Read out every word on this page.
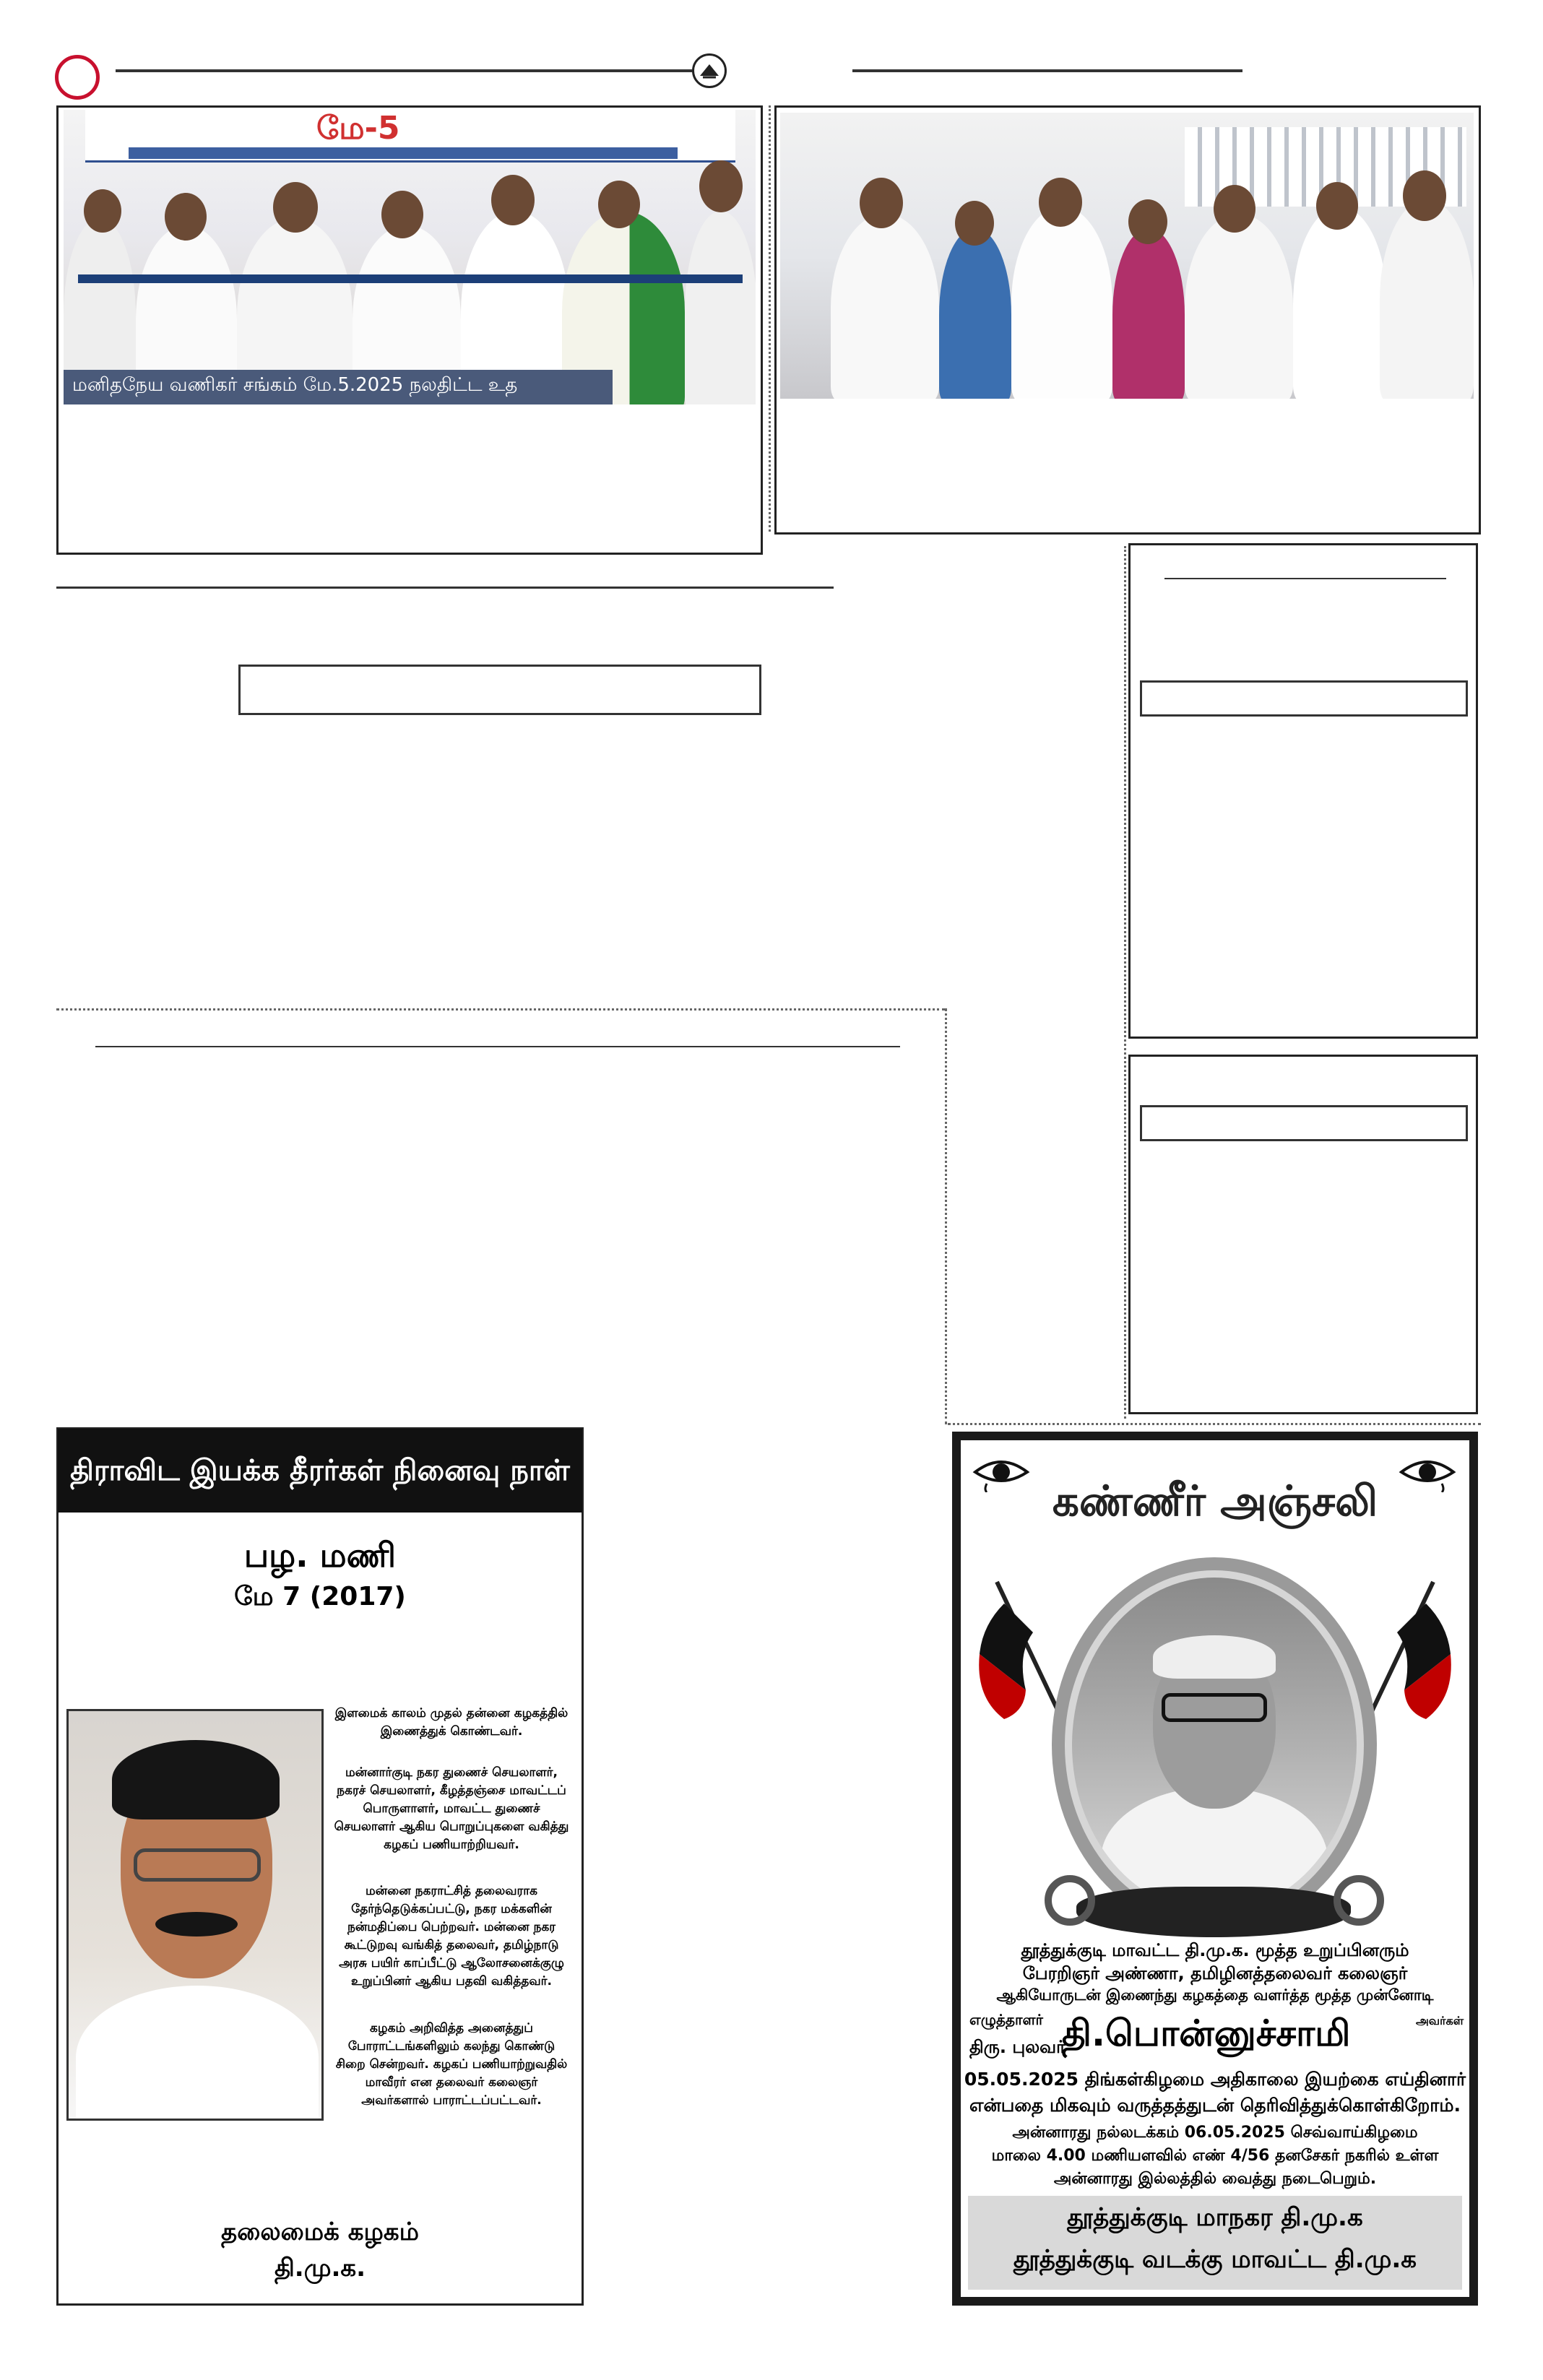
மே-5
மனிதநேய வணிகர் சங்கம் மே.5.2025 நலதிட்ட உத
திராவிட இயக்க தீரர்கள் நினைவு நாள்
பழ. மணி
மே 7 (2017)
இளமைக் காலம் முதல் தன்னை கழகத்தில் இணைத்துக் கொண்டவர்.
மன்னார்குடி நகர துணைச் செயலாளர், நகரச் செயலாளர், கீழத்தஞ்சை மாவட்டப் பொருளாளர், மாவட்ட துணைச் செயலாளர் ஆகிய பொறுப்புகளை வகித்து கழகப் பணியாற்றியவர்.
மன்னை நகராட்சித் தலைவராக தேர்ந்தெடுக்கப்பட்டு, நகர மக்களின் நன்மதிப்பை பெற்றவர். மன்னை நகர கூட்டுறவு வங்கித் தலைவர், தமிழ்நாடு அரசு பயிர் காப்பீட்டு ஆலோசனைக்குழு உறுப்பினர் ஆகிய பதவி வகித்தவர்.
கழகம் அறிவித்த அனைத்துப் போராட்டங்களிலும் கலந்து கொண்டு சிறை சென்றவர். கழகப் பணியாற்றுவதில் மாவீரர் என தலைவர் கலைஞர் அவர்களால் பாராட்டப்பட்டவர்.
தலைமைக் கழகம்
தி.மு.க.
கண்ணீர் அஞ்சலி
தூத்துக்குடி மாவட்ட தி.மு.க. மூத்த உறுப்பினரும்
பேரறிஞர் அண்ணா, தமிழினத்தலைவர் கலைஞர்
ஆகியோருடன் இணைந்து கழகத்தை வளர்த்த மூத்த முன்னோடி
எழுத்தாளர்
திரு. புலவர்
தி.பொன்னுச்சாமி	அவர்கள்
05.05.2025 திங்கள்கிழமை அதிகாலை இயற்கை எய்தினார்
என்பதை மிகவும் வருத்தத்துடன் தெரிவித்துக்கொள்கிறோம்.
அன்னாரது நல்லடக்கம் 06.05.2025 செவ்வாய்கிழமை
மாலை 4.00 மணியளவில் எண் 4/56 தனசேகர் நகரில் உள்ள
அன்னாரது இல்லத்தில் வைத்து நடைபெறும்.
தூத்துக்குடி மாநகர தி.மு.க
தூத்துக்குடி வடக்கு மாவட்ட தி.மு.க
